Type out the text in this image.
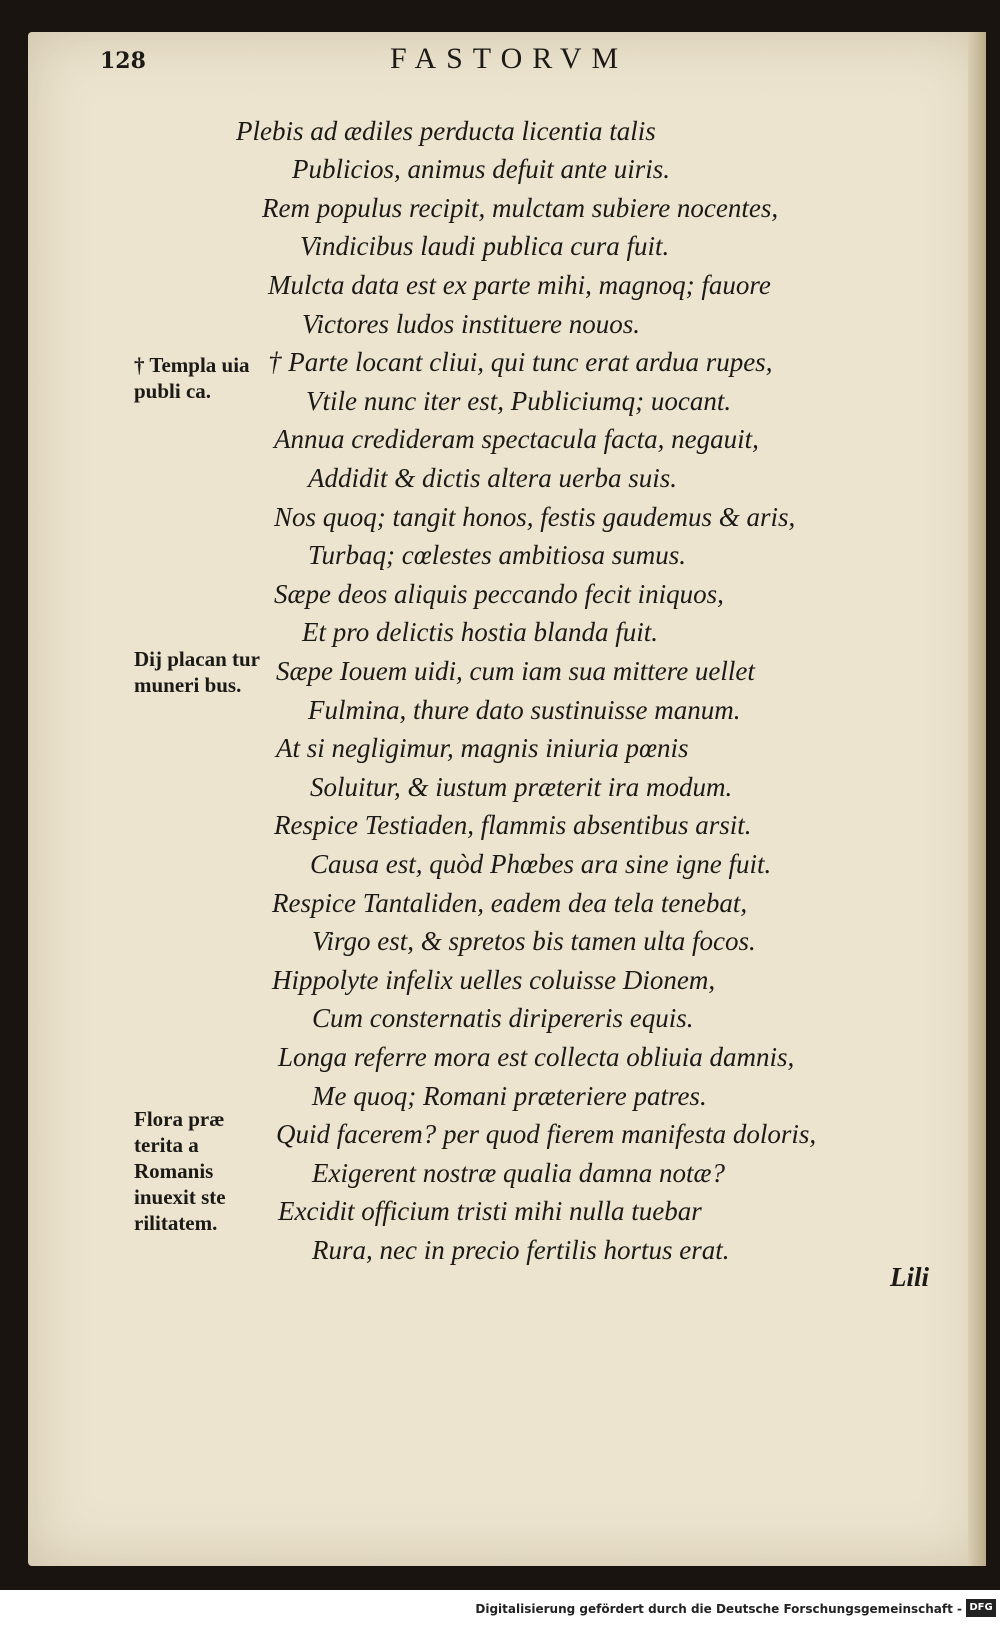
128	FASTORVM
Plebis ad ædiles perducta licentia talis
Publicios, animus defuit ante uiris.
Rem populus recipit, mulctam subiere nocentes,
Vindicibus laudi publica cura fuit.
Mulcta data est ex parte mihi, magnoq; fauore
Victores ludos instituere nouos.
† Parte locant cliui, qui tunc erat ardua rupes,
Vtile nunc iter est, Publiciumq; uocant.
Annua credideram spectacula facta, negauit,
Addidit & dictis altera uerba suis.
Nos quoq; tangit honos, festis gaudemus & aris,
Turbaq; cœlestes ambitiosa sumus.
Sæpe deos aliquis peccando fecit iniquos,
Et pro delictis hostia blanda fuit.
Sæpe Iouem uidi, cum iam sua mittere uellet
Fulmina, thure dato sustinuisse manum.
At si negligimur, magnis iniuria pœnis
Soluitur, & iustum præterit ira modum.
Respice Testiaden, flammis absentibus arsit.
Causa est, quòd Phœbes ara sine igne fuit.
Respice Tantaliden, eadem dea tela tenebat,
Virgo est, & spretos bis tamen ulta focos.
Hippolyte infelix uelles coluisse Dionem,
Cum consternatis diripereris equis.
Longa referre mora est collecta obliuia damnis,
Me quoq; Romani præteriere patres.
Quid facerem? per quod fierem manifesta doloris,
Exigerent nostræ qualia damna notæ?
Excidit officium tristi mihi nulla tuebar
Rura, nec in precio fertilis hortus erat.
† Templa uia publi ca.
Dij placan tur muneri bus.
Flora præ terita a Romanis inuexit ste rilitatem.
Lili
Digitalisierung gefördert durch die Deutsche Forschungsgemeinschaft - DFG
